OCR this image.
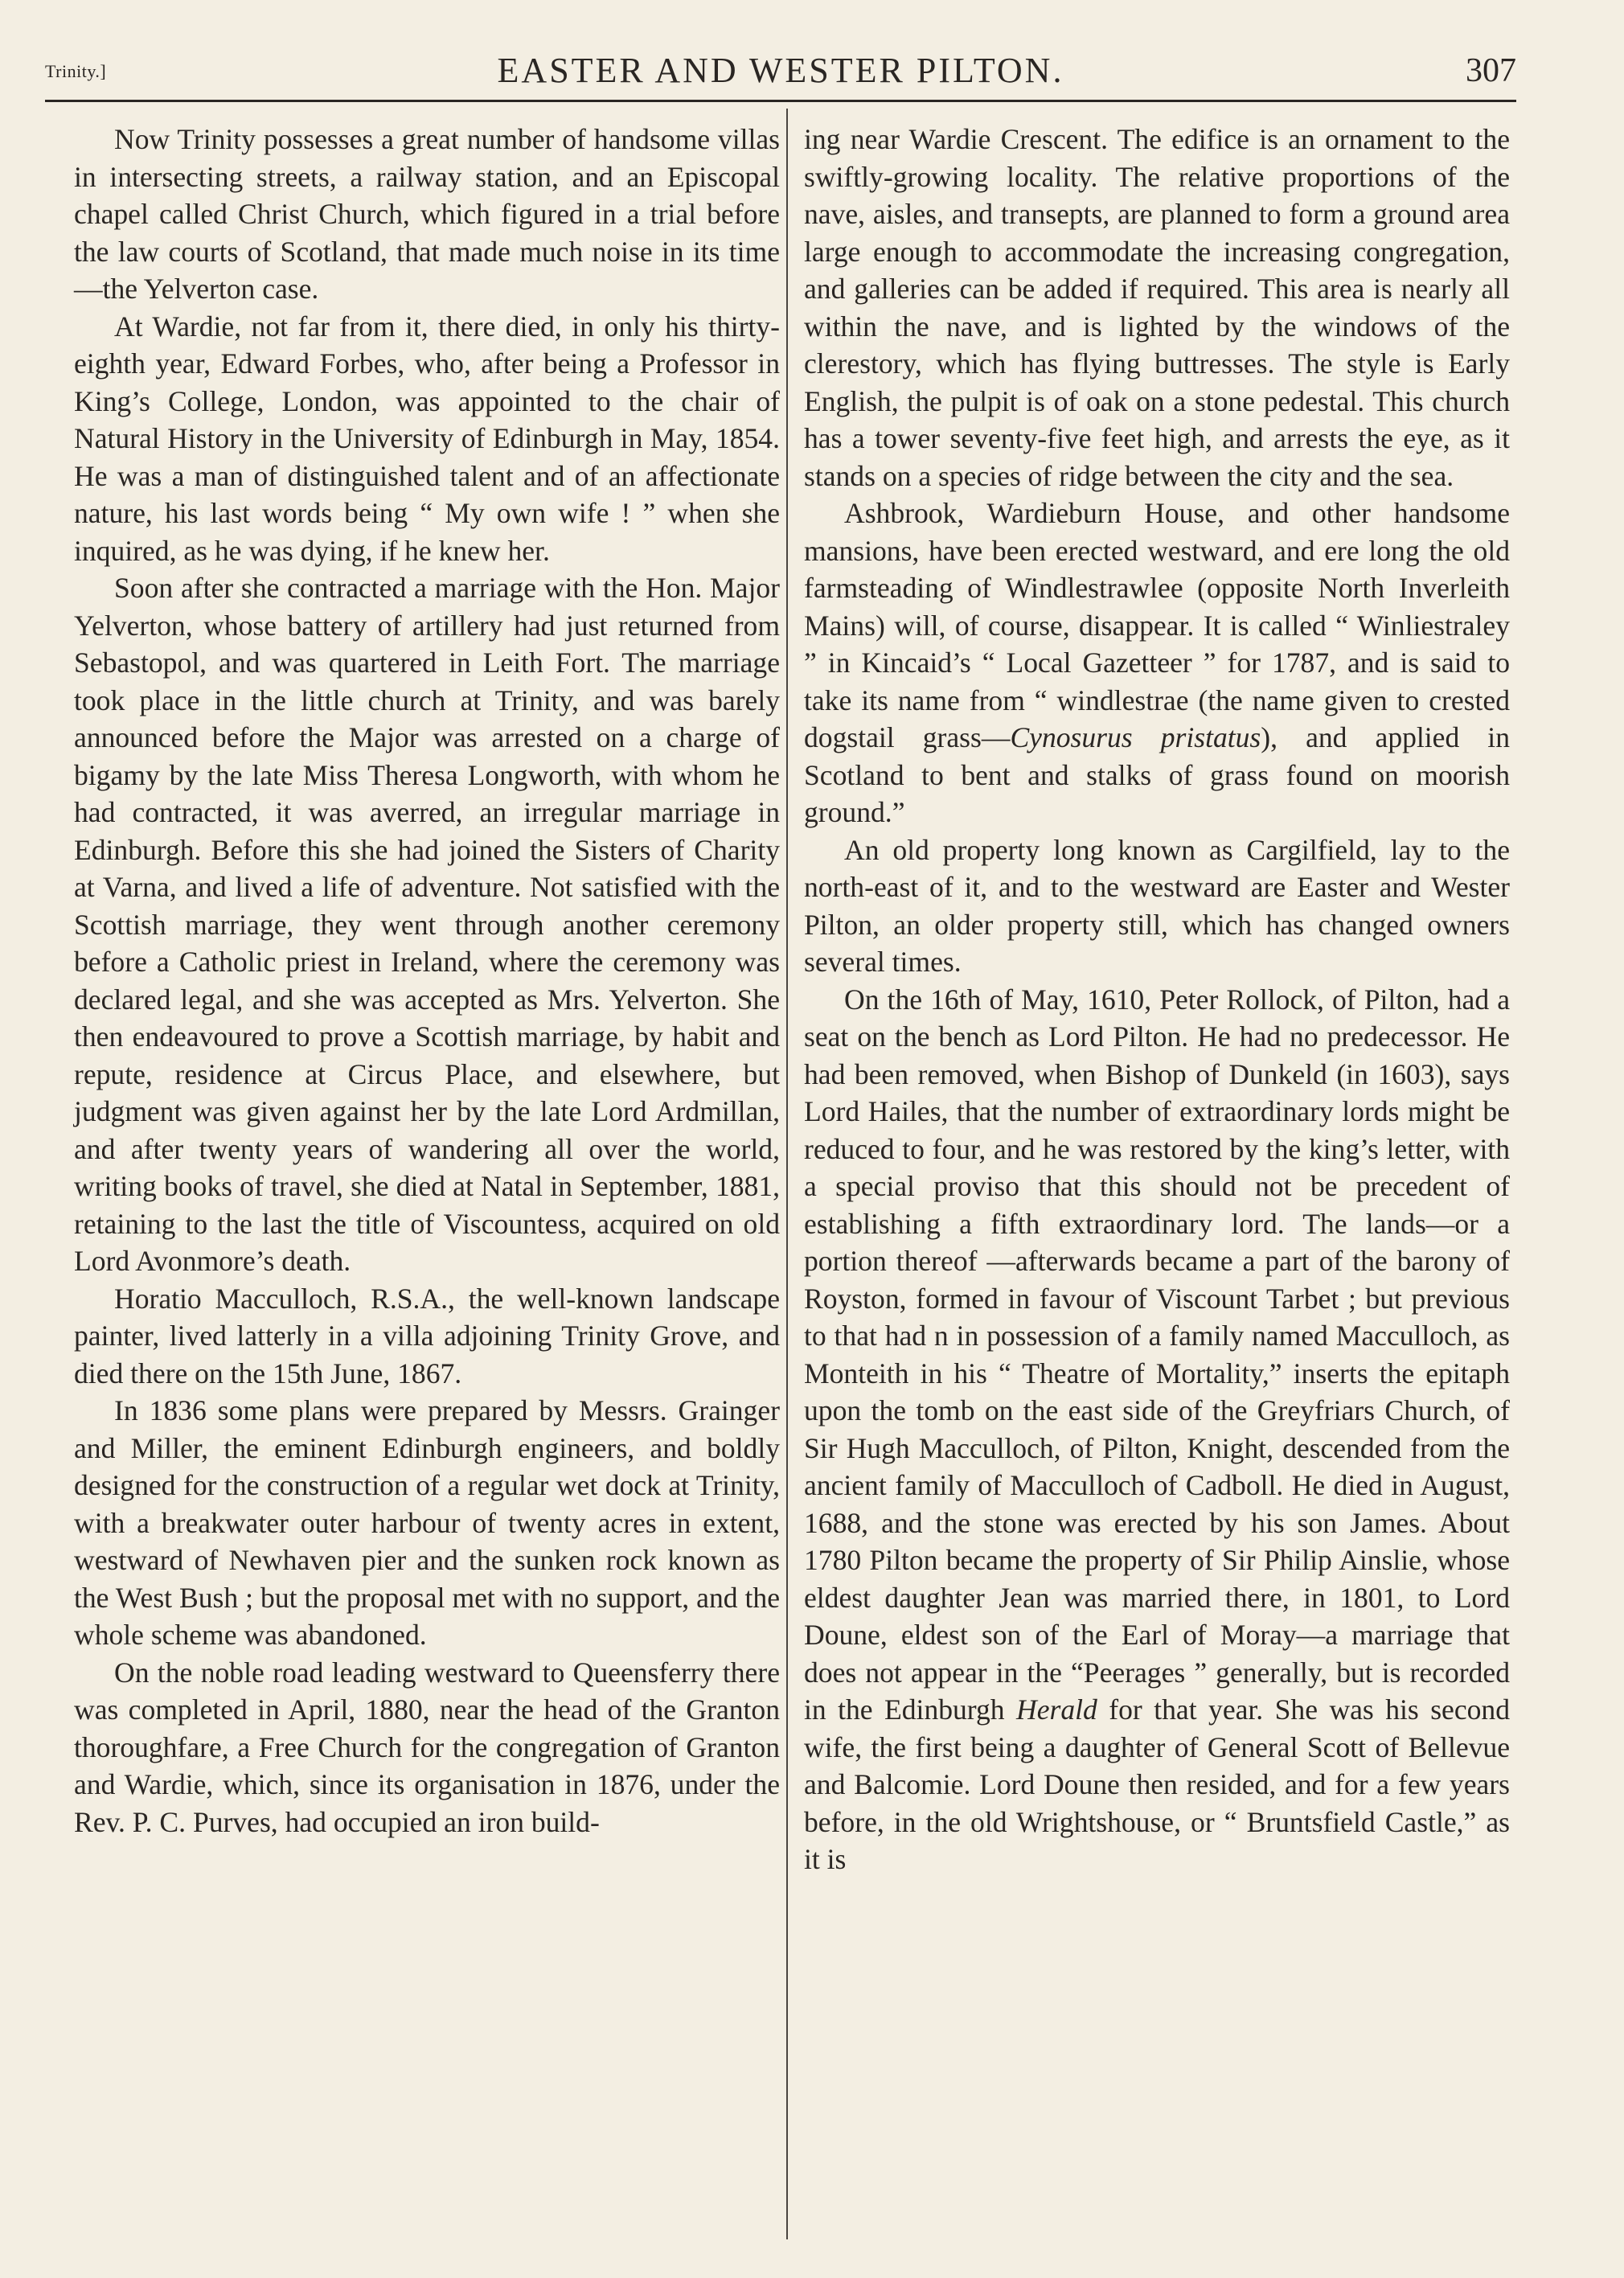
Trinity.]	EASTER AND WESTER PILTON.	307

Now Trinity possesses a great number of handsome villas in intersecting streets, a railway station, and an Episcopal chapel called Christ Church, which figured in a trial before the law courts of Scotland, that made much noise in its time—the Yelverton case.

At Wardie, not far from it, there died, in only his thirty-eighth year, Edward Forbes, who, after being a Professor in King’s College, London, was appointed to the chair of Natural History in the University of Edinburgh in May, 1854. He was a man of distinguished talent and of an affectionate nature, his last words being “ My own wife ! ” when she inquired, as he was dying, if he knew her.

Soon after she contracted a marriage with the Hon. Major Yelverton, whose battery of artillery had just returned from Sebastopol, and was quartered in Leith Fort. The marriage took place in the little church at Trinity, and was barely announced before the Major was arrested on a charge of bigamy by the late Miss Theresa Longworth, with whom he had contracted, it was averred, an irregular marriage in Edinburgh. Before this she had joined the Sisters of Charity at Varna, and lived a life of adventure. Not satisfied with the Scottish marriage, they went through another ceremony before a Catholic priest in Ireland, where the ceremony was declared legal, and she was accepted as Mrs. Yelverton. She then endeavoured to prove a Scottish marriage, by habit and repute, residence at Circus Place, and elsewhere, but judgment was given against her by the late Lord Ardmillan, and after twenty years of wandering all over the world, writing books of travel, she died at Natal in September, 1881, retaining to the last the title of Viscountess, acquired on old Lord Avonmore’s death.

Horatio Macculloch, R.S.A., the well-known landscape painter, lived latterly in a villa adjoining Trinity Grove, and died there on the 15th June, 1867.

In 1836 some plans were prepared by Messrs. Grainger and Miller, the eminent Edinburgh engineers, and boldly designed for the construction of a regular wet dock at Trinity, with a breakwater outer harbour of twenty acres in extent, westward of Newhaven pier and the sunken rock known as the West Bush ; but the proposal met with no support, and the whole scheme was abandoned.

On the noble road leading westward to Queensferry there was completed in April, 1880, near the head of the Granton thoroughfare, a Free Church for the congregation of Granton and Wardie, which, since its organisation in 1876, under the Rev. P. C. Purves, had occupied an iron build-

ing near Wardie Crescent. The edifice is an ornament to the swiftly-growing locality. The relative proportions of the nave, aisles, and transepts, are planned to form a ground area large enough to accommodate the increasing congregation, and galleries can be added if required. This area is nearly all within the nave, and is lighted by the windows of the clerestory, which has flying buttresses. The style is Early English, the pulpit is of oak on a stone pedestal. This church has a tower seventy-five feet high, and arrests the eye, as it stands on a species of ridge between the city and the sea.

Ashbrook, Wardieburn House, and other handsome mansions, have been erected westward, and ere long the old farmsteading of Windlestrawlee (opposite North Inverleith Mains) will, of course, disappear. It is called “ Winliestraley ” in Kincaid’s “ Local Gazetteer ” for 1787, and is said to take its name from “ windlestrae (the name given to crested dogstail grass—Cynosurus pristatus), and applied in Scotland to bent and stalks of grass found on moorish ground.”

An old property long known as Cargilfield, lay to the north-east of it, and to the westward are Easter and Wester Pilton, an older property still, which has changed owners several times.

On the 16th of May, 1610, Peter Rollock, of Pilton, had a seat on the bench as Lord Pilton. He had no predecessor. He had been removed, when Bishop of Dunkeld (in 1603), says Lord Hailes, that the number of extraordinary lords might be reduced to four, and he was restored by the king’s letter, with a special proviso that this should not be precedent of establishing a fifth extraordinary lord. The lands—or a portion thereof —afterwards became a part of the barony of Royston, formed in favour of Viscount Tarbet ; but previous to that had n in possession of a family named Macculloch, as Monteith in his “ Theatre of Mortality,” inserts the epitaph upon the tomb on the east side of the Greyfriars Church, of Sir Hugh Macculloch, of Pilton, Knight, descended from the ancient family of Macculloch of Cadboll. He died in August, 1688, and the stone was erected by his son James. About 1780 Pilton became the property of Sir Philip Ainslie, whose eldest daughter Jean was married there, in 1801, to Lord Doune, eldest son of the Earl of Moray—a marriage that does not appear in the “Peerages ” generally, but is recorded in the Edinburgh Herald for that year. She was his second wife, the first being a daughter of General Scott of Bellevue and Balcomie. Lord Doune then resided, and for a few years before, in the old Wrightshouse, or “ Bruntsfield Castle,” as it is
